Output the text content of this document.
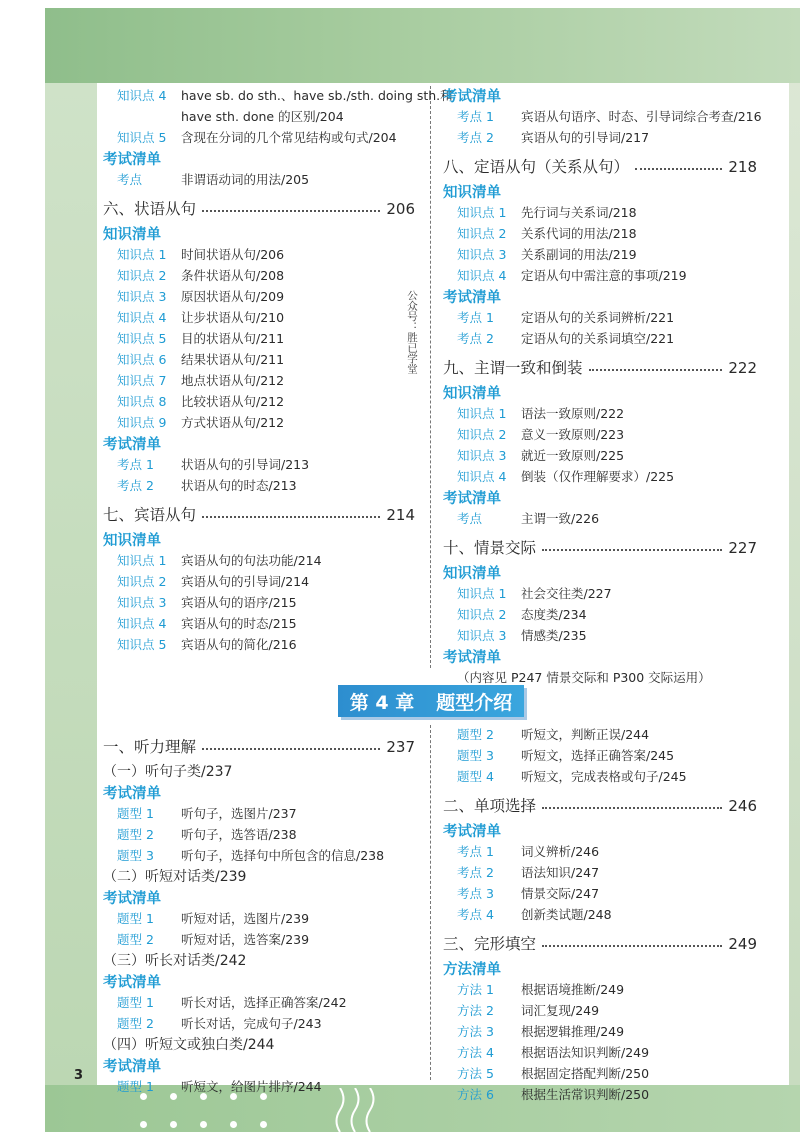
知识点 4 have sb. do sth.、have sb./sth. doing sth.和
have sth. done 的区别/204
知识点 5 含现在分词的几个常见结构或句式/204
考试清单
考点	非谓语动词的用法/205
六、状语从句	206
知识清单
知识点 1 时间状语从句/206
知识点 2 条件状语从句/208
知识点 3 原因状语从句/209
知识点 4 让步状语从句/210
知识点 5 目的状语从句/211
知识点 6 结果状语从句/211
知识点 7 地点状语从句/212
知识点 8 比较状语从句/212
知识点 9 方式状语从句/212
考试清单
考点 1 状语从句的引导词/213
考点 2 状语从句的时态/213
七、宾语从句	214
知识清单
知识点 1 宾语从句的句法功能/214
知识点 2 宾语从句的引导词/214
知识点 3 宾语从句的语序/215
知识点 4 宾语从句的时态/215
知识点 5 宾语从句的简化/216
考试清单
考点 1 宾语从句语序、时态、引导词综合考查/216
考点 2 宾语从句的引导词/217
八、定语从句（关系从句）	218
知识清单
知识点 1 先行词与关系词/218
知识点 2 关系代词的用法/218
知识点 3 关系副词的用法/219
知识点 4 定语从句中需注意的事项/219
考试清单
考点 1 定语从句的关系词辨析/221
考点 2 定语从句的关系词填空/221
九、主谓一致和倒装	222
知识清单
知识点 1 语法一致原则/222
知识点 2 意义一致原则/223
知识点 3 就近一致原则/225
知识点 4 倒装（仅作理解要求）/225
考试清单
考点	主谓一致/226
十、情景交际	227
知识清单
知识点 1 社会交往类/227
知识点 2 态度类/234
知识点 3 情感类/235
考试清单
（内容见 P247 情景交际和 P300 交际运用）
一、听力理解	237
（一）听句子类/237
考试清单
题型 1 听句子，选图片/237
题型 2 听句子，选答语/238
题型 3 听句子，选择句中所包含的信息/238
（二）听短对话类/239
考试清单
题型 1 听短对话，选图片/239
题型 2 听短对话，选答案/239
（三）听长对话类/242
考试清单
题型 1 听长对话，选择正确答案/242
题型 2 听长对话，完成句子/243
（四）听短文或独白类/244
考试清单
题型 1 听短文，给图片排序/244
题型 2 听短文，判断正误/244
题型 3 听短文，选择正确答案/245
题型 4 听短文，完成表格或句子/245
二、单项选择	246
考试清单
考点 1 词义辨析/246
考点 2 语法知识/247
考点 3 情景交际/247
考点 4 创新类试题/248
三、完形填空	249
方法清单
方法 1 根据语境推断/249
方法 2 词汇复现/249
方法 3 根据逻辑推理/249
方法 4 根据语法知识判断/249
方法 5 根据固定搭配判断/250
方法 6 根据生活常识判断/250
第 4 章 题型介绍
公众号：胜已学堂
3
